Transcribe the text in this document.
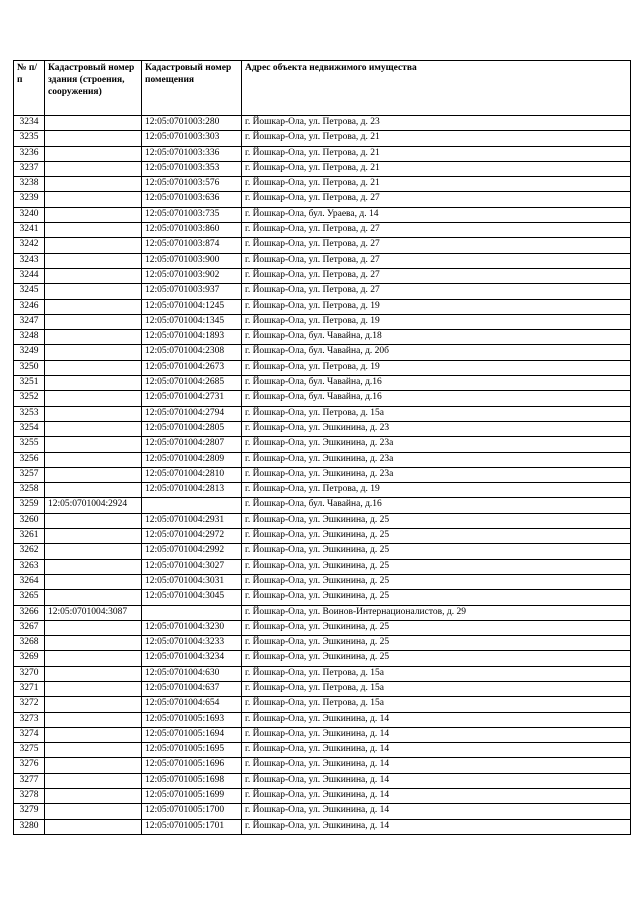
№ п/п	Кадастровый номер здания (строения, сооружения)	Кадастровый номер помещения	Адрес объекта недвижимого имущества
3234		12:05:0701003:280	г. Йошкар-Ола, ул. Петрова, д. 23
3235		12:05:0701003:303	г. Йошкар-Ола, ул. Петрова, д. 21
3236		12:05:0701003:336	г. Йошкар-Ола, ул. Петрова, д. 21
3237		12:05:0701003:353	г. Йошкар-Ола, ул. Петрова, д. 21
3238		12:05:0701003:576	г. Йошкар-Ола, ул. Петрова, д. 21
3239		12:05:0701003:636	г. Йошкар-Ола, ул. Петрова, д. 27
3240		12:05:0701003:735	г. Йошкар-Ола, бул. Ураева, д. 14
3241		12:05:0701003:860	г. Йошкар-Ола, ул. Петрова, д. 27
3242		12:05:0701003:874	г. Йошкар-Ола, ул. Петрова, д. 27
3243		12:05:0701003:900	г. Йошкар-Ола, ул. Петрова, д. 27
3244		12:05:0701003:902	г. Йошкар-Ола, ул. Петрова, д. 27
3245		12:05:0701003:937	г. Йошкар-Ола, ул. Петрова, д. 27
3246		12:05:0701004:1245	г. Йошкар-Ола, ул. Петрова, д. 19
3247		12:05:0701004:1345	г. Йошкар-Ола, ул. Петрова, д. 19
3248		12:05:0701004:1893	г. Йошкар-Ола, бул. Чавайна, д.18
3249		12:05:0701004:2308	г. Йошкар-Ола, бул. Чавайна, д. 20б
3250		12:05:0701004:2673	г. Йошкар-Ола, ул. Петрова, д. 19
3251		12:05:0701004:2685	г. Йошкар-Ола, бул. Чавайна, д.16
3252		12:05:0701004:2731	г. Йошкар-Ола, бул. Чавайна, д.16
3253		12:05:0701004:2794	г. Йошкар-Ола, ул. Петрова, д. 15а
3254		12:05:0701004:2805	г. Йошкар-Ола, ул. Эшкинина, д. 23
3255		12:05:0701004:2807	г. Йошкар-Ола, ул. Эшкинина, д. 23а
3256		12:05:0701004:2809	г. Йошкар-Ола, ул. Эшкинина, д. 23а
3257		12:05:0701004:2810	г. Йошкар-Ола, ул. Эшкинина, д. 23а
3258		12:05:0701004:2813	г. Йошкар-Ола, ул. Петрова, д. 19
3259	12:05:0701004:2924		г. Йошкар-Ола, бул. Чавайна, д.16
3260		12:05:0701004:2931	г. Йошкар-Ола, ул. Эшкинина, д. 25
3261		12:05:0701004:2972	г. Йошкар-Ола, ул. Эшкинина, д. 25
3262		12:05:0701004:2992	г. Йошкар-Ола, ул. Эшкинина, д. 25
3263		12:05:0701004:3027	г. Йошкар-Ола, ул. Эшкинина, д. 25
3264		12:05:0701004:3031	г. Йошкар-Ола, ул. Эшкинина, д. 25
3265		12:05:0701004:3045	г. Йошкар-Ола, ул. Эшкинина, д. 25
3266	12:05:0701004:3087		г. Йошкар-Ола, ул. Воинов-Интернационалистов, д. 29
3267		12:05:0701004:3230	г. Йошкар-Ола, ул. Эшкинина, д. 25
3268		12:05:0701004:3233	г. Йошкар-Ола, ул. Эшкинина, д. 25
3269		12:05:0701004:3234	г. Йошкар-Ола, ул. Эшкинина, д. 25
3270		12:05:0701004:630	г. Йошкар-Ола, ул. Петрова, д. 15а
3271		12:05:0701004:637	г. Йошкар-Ола, ул. Петрова, д. 15а
3272		12:05:0701004:654	г. Йошкар-Ола, ул. Петрова, д. 15а
3273		12:05:0701005:1693	г. Йошкар-Ола, ул. Эшкинина, д. 14
3274		12:05:0701005:1694	г. Йошкар-Ола, ул. Эшкинина, д. 14
3275		12:05:0701005:1695	г. Йошкар-Ола, ул. Эшкинина, д. 14
3276		12:05:0701005:1696	г. Йошкар-Ола, ул. Эшкинина, д. 14
3277		12:05:0701005:1698	г. Йошкар-Ола, ул. Эшкинина, д. 14
3278		12:05:0701005:1699	г. Йошкар-Ола, ул. Эшкинина, д. 14
3279		12:05:0701005:1700	г. Йошкар-Ола, ул. Эшкинина, д. 14
3280		12:05:0701005:1701	г. Йошкар-Ола, ул. Эшкинина, д. 14
